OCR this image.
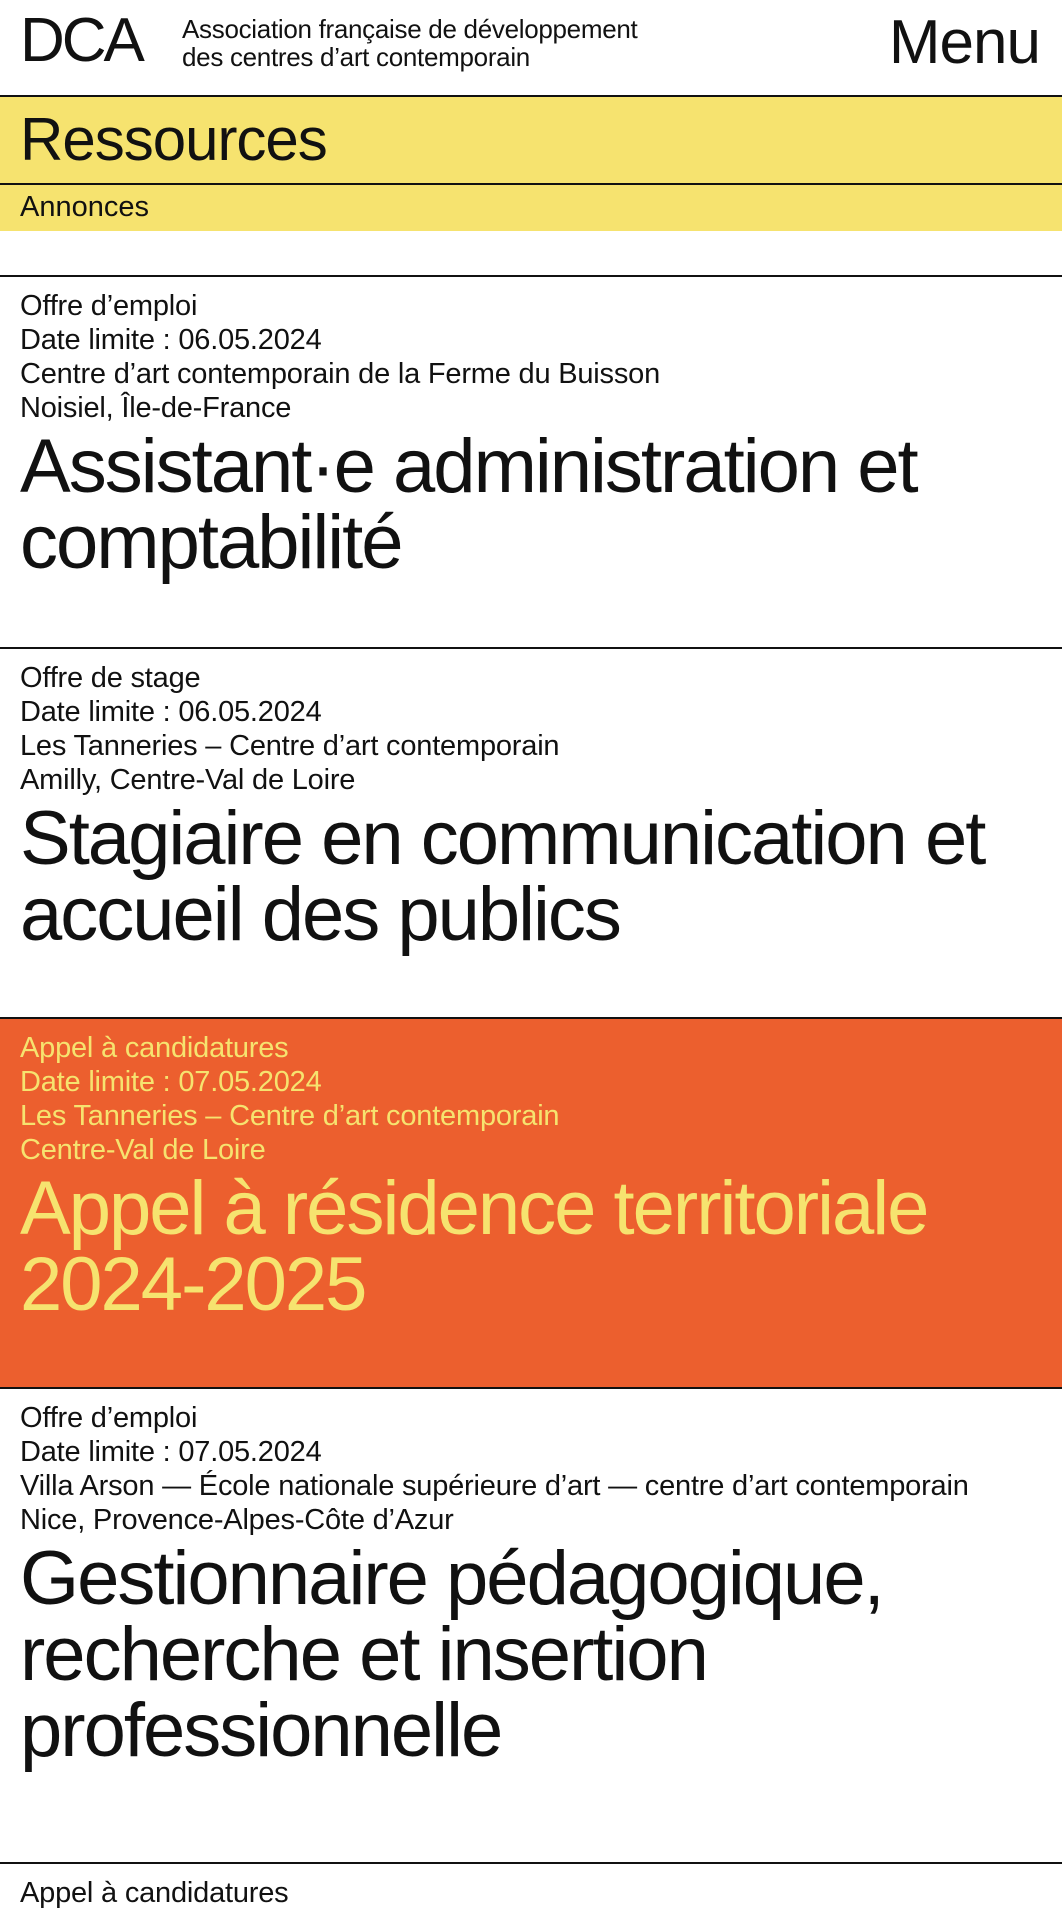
DCA Association française de développement
des centres d’art contemporain	Menu
Ressources
Annonces
Offre d’emploi
Date limite : 06.05.2024
Centre d’art contemporain de la Ferme du Buisson
Noisiel, Île-de-France
Assistant·e administration et comptabilité
Offre de stage
Date limite : 06.05.2024
Les Tanneries – Centre d’art contemporain
Amilly, Centre-Val de Loire
Stagiaire en communication et accueil des publics
Appel à candidatures
Date limite : 07.05.2024
Les Tanneries – Centre d’art contemporain
Centre-Val de Loire
Appel à résidence territoriale 2024-2025
Offre d’emploi
Date limite : 07.05.2024
Villa Arson — École nationale supérieure d’art — centre d’art contemporain
Nice, Provence-Alpes-Côte d’Azur
Gestionnaire pédagogique, recherche et insertion professionnelle
Appel à candidatures
